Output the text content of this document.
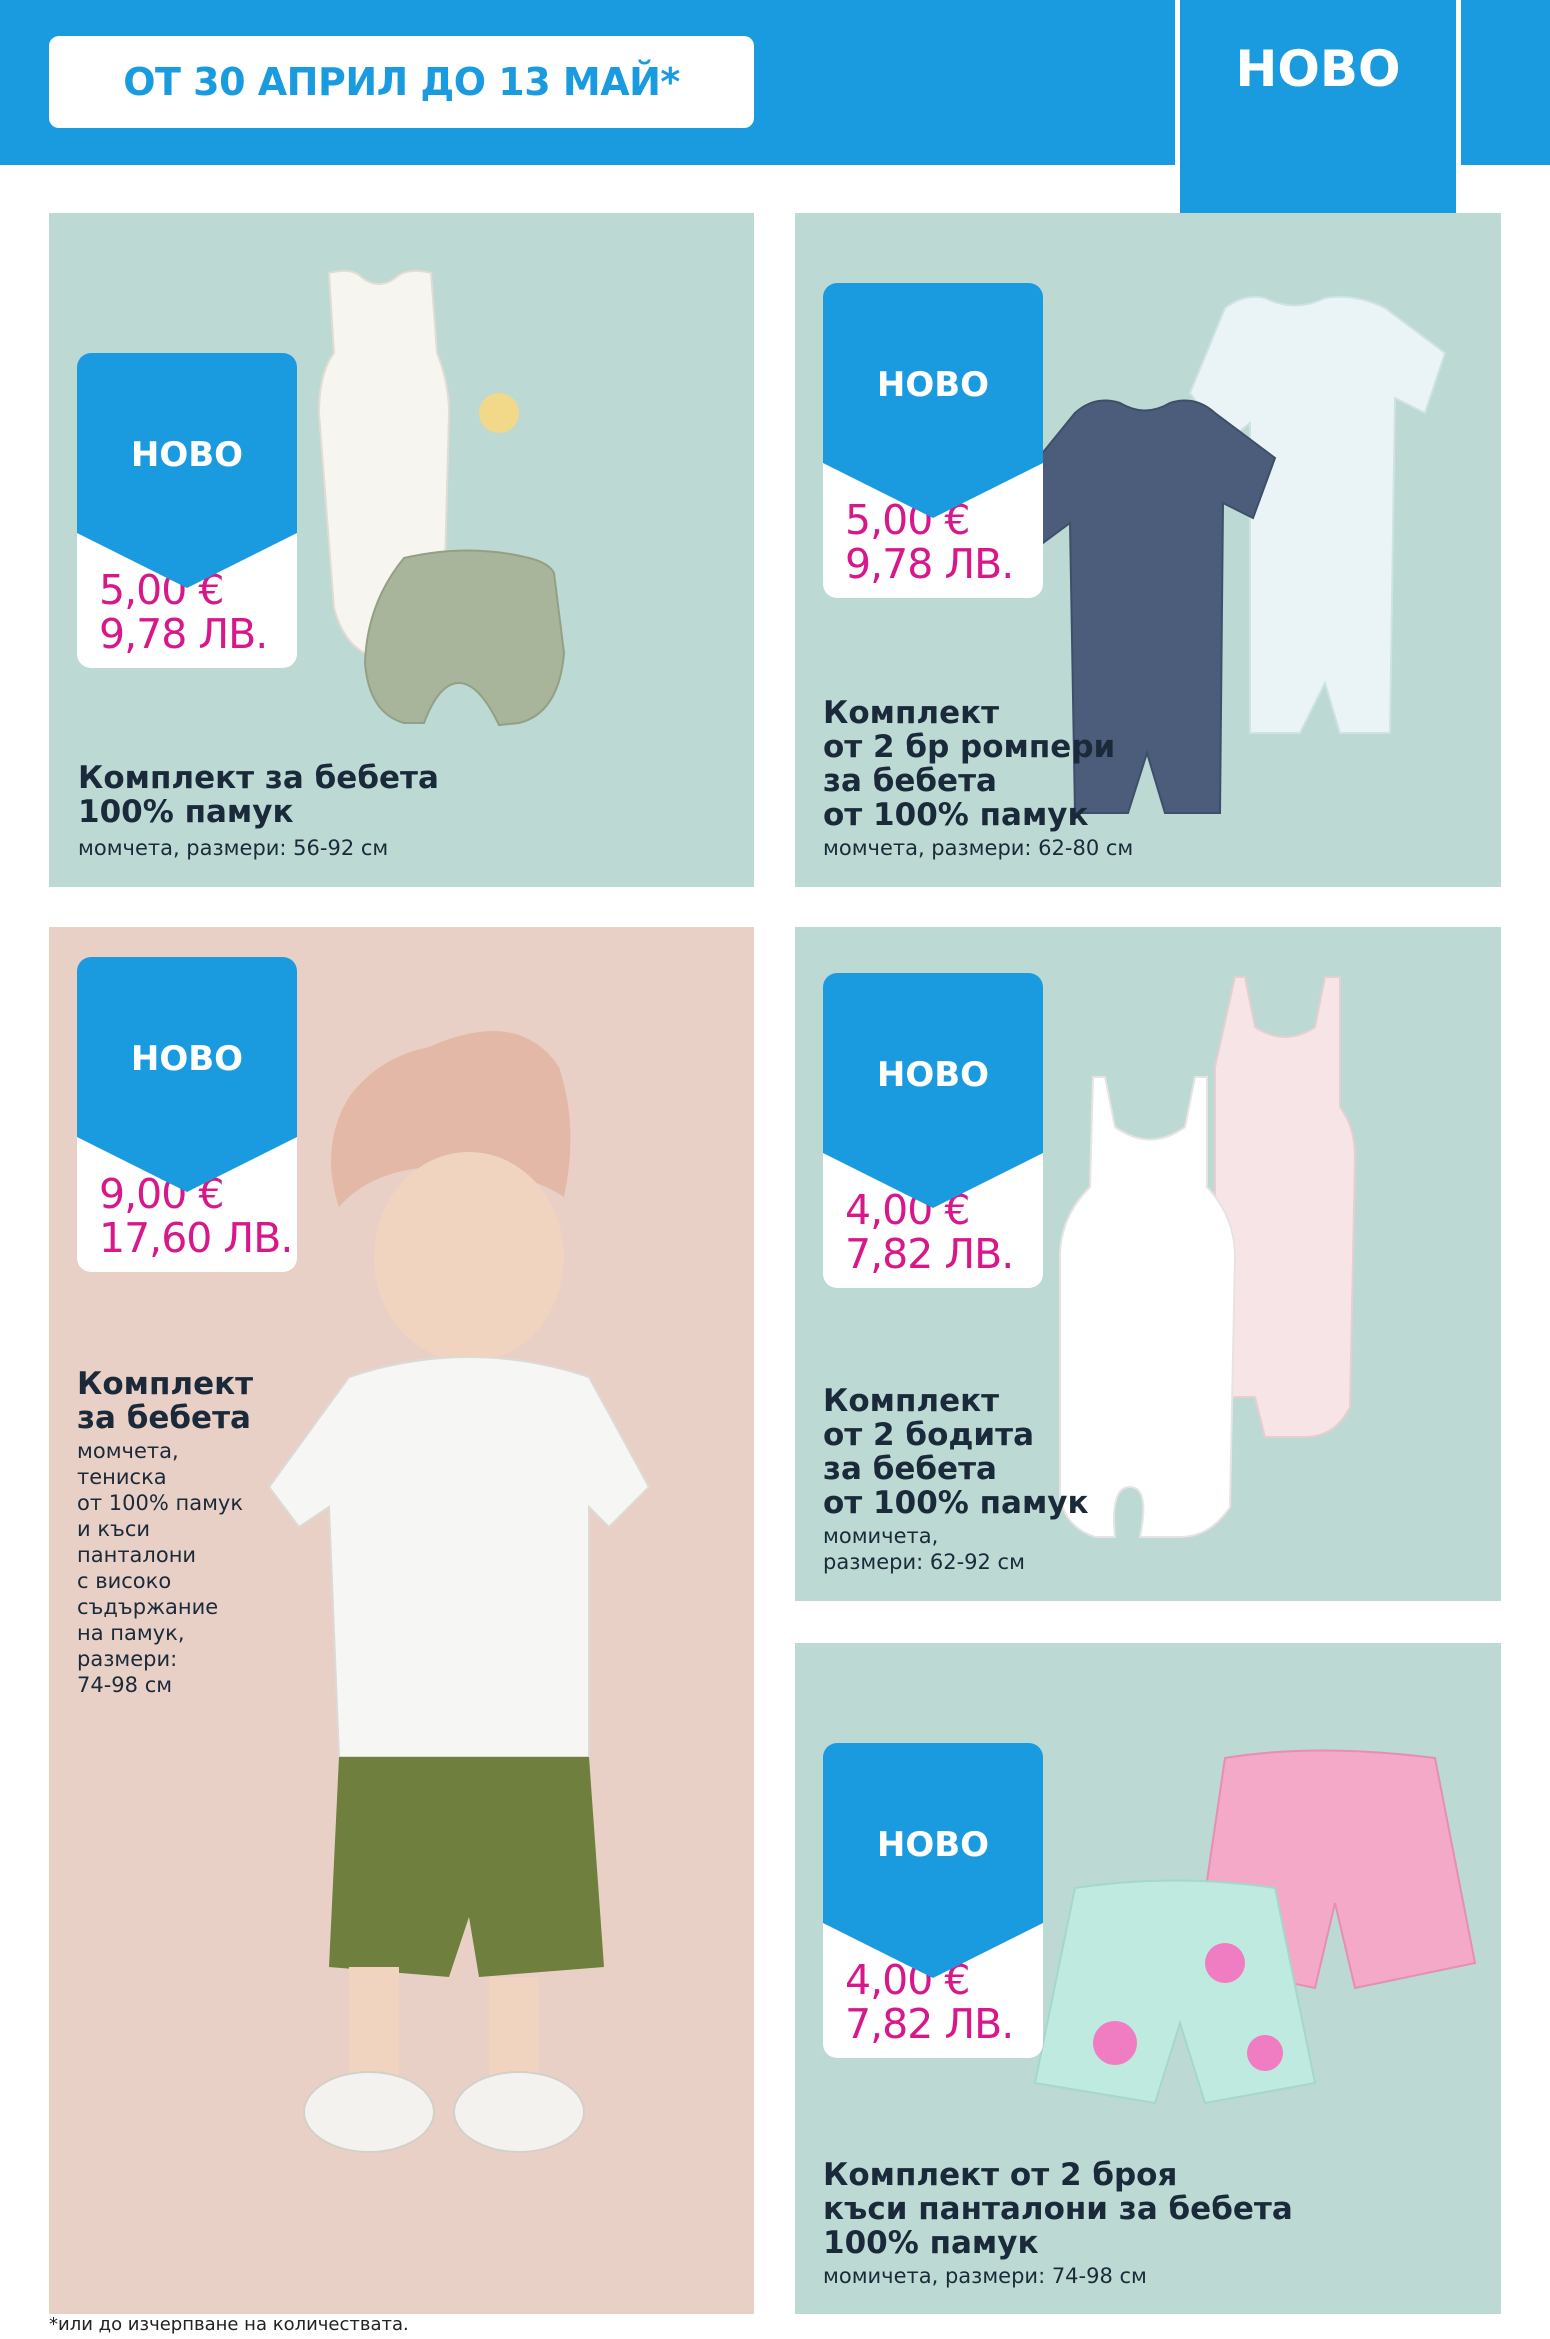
ОТ 30 АПРИЛ ДО 13 МАЙ*	НОВО
НОВО
5,00 €
9,78 ЛВ.
Комплект за бебета
100% памук
момчета, размери: 56-92 см
НОВО
5,00 €
9,78 ЛВ.
Комплект
от 2 бр ромпери
за бебета
от 100% памук
момчета, размери: 62-80 см
НОВО
9,00 €
17,60 ЛВ.
Комплект
за бебета
момчета,
тениска
от 100% памук
и къси
панталони
с високо
съдържание
на памук,
размери:
74-98 см
НОВО
4,00 €
7,82 ЛВ.
Комплект
от 2 бодита
за бебета
от 100% памук
момичета,
размери: 62-92 см
НОВО
4,00 €
7,82 ЛВ.
Комплект от 2 броя
къси панталони за бебета
100% памук
момичета, размери: 74-98 см
*или до изчерпване на количествата.
